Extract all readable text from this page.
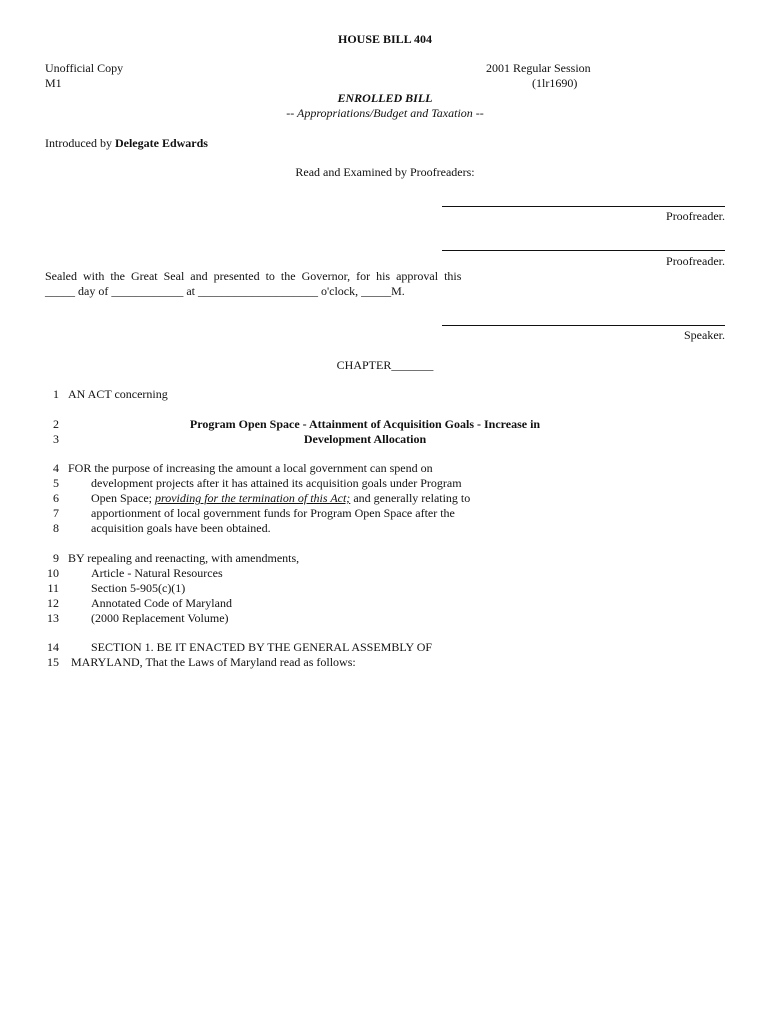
HOUSE BILL 404
Unofficial Copy
M1
2001 Regular Session
(1lr1690)
ENROLLED BILL
-- Appropriations/Budget and Taxation --
Introduced by Delegate Edwards
Read and Examined by Proofreaders:
Proofreader.
Proofreader.
Sealed  with  the  Great  Seal  and  presented  to  the  Governor,  for  his  approval  this
_____ day of ____________ at ____________________ o'clock, _____M.
Speaker.
CHAPTER_______
1 AN ACT concerning
2	Program Open Space - Attainment of Acquisition Goals - Increase in
3	Development Allocation
4 FOR the purpose of increasing the amount a local government can spend on
5	development projects after it has attained its acquisition goals under Program
6	Open Space; providing for the termination of this Act; and generally relating to
7	apportionment of local government funds for Program Open Space after the
8	acquisition goals have been obtained.
9 BY repealing and reenacting, with amendments,
10	Article - Natural Resources
11	Section 5-905(c)(1)
12	Annotated Code of Maryland
13	(2000 Replacement Volume)
14	SECTION 1. BE IT ENACTED BY THE GENERAL ASSEMBLY OF
15 MARYLAND, That the Laws of Maryland read as follows:
